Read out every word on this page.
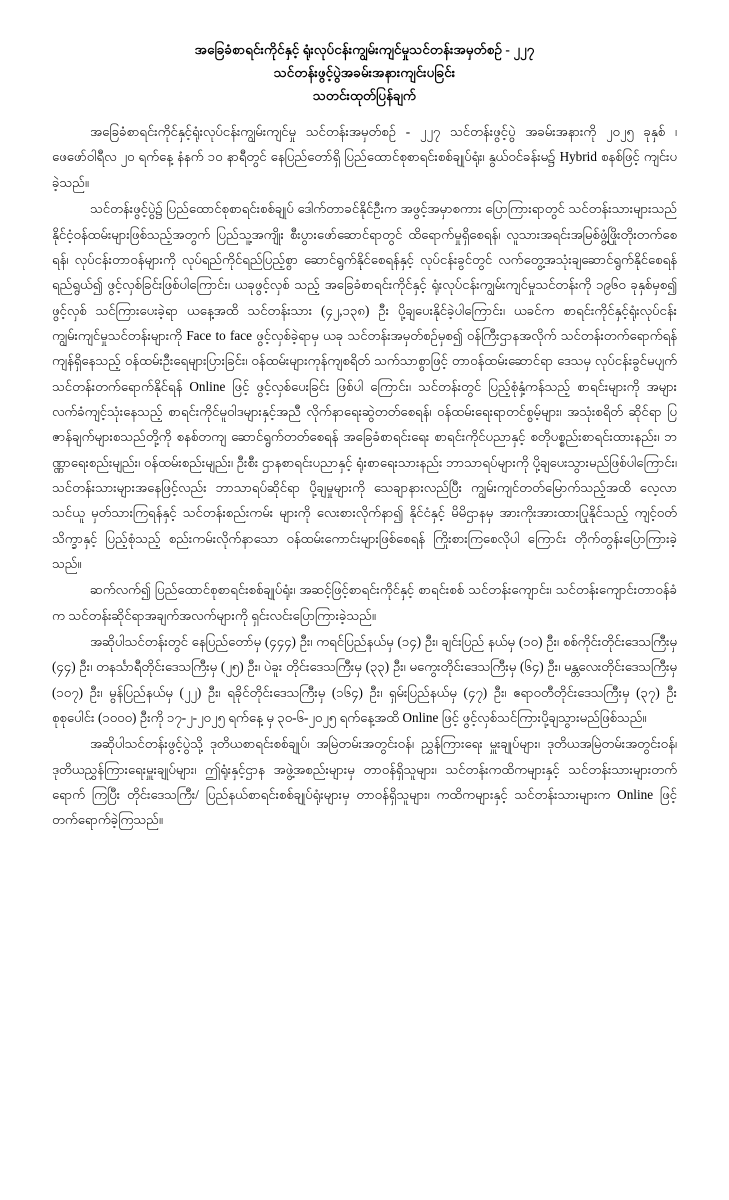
အခြေခံစာရင်းကိုင်နှင့် ရုံးလုပ်ငန်းကျွမ်းကျင်မှုသင်တန်းအမှတ်စဉ် - ၂၂၇
သင်တန်းဖွင့်ပွဲအခမ်းအနားကျင်းပခြင်း
သတင်းထုတ်ပြန်ချက်

အခြေခံစာရင်းကိုင်နှင့်ရုံးလုပ်ငန်းကျွမ်းကျင်မှု သင်တန်းအမှတ်စဉ် - ၂၂၇ သင်တန်းဖွင့်ပွဲ အခမ်းအနားကို ၂၀၂၅ ခုနှစ် ၊ ဖေဖော်ဝါရီလ ၂၀ ရက်နေ့ နံနက် ၁၀ နာရီတွင် နေပြည်တော်ရှိ ပြည်ထောင်စုစာရင်းစစ်ချုပ်ရုံး၊ နွယ်ဝင်ခန်းမ၌ Hybrid စနစ်ဖြင့် ကျင်းပခဲ့သည်။

သင်တန်းဖွင့်ပွဲ၌ ပြည်ထောင်စုစာရင်းစစ်ချုပ် ဒေါက်တာခင်နိုင်ဦးက အဖွင့်အမှာစကား ပြောကြားရာတွင် သင်တန်းသားများသည် နိုင်ငံ့ဝန်ထမ်းများဖြစ်သည့်အတွက် ပြည်သူ့အကျိုး စီးပွားဖော်ဆောင်ရာတွင် ထိရောက်မှုရှိစေရန်၊ လူသားအရင်းအမြစ်ဖွံ့ဖြိုးတိုးတက်စေရန်၊ လုပ်ငန်းတာဝန်များကို လုပ်ရည်ကိုင်ရည်ပြည့်စွာ ဆောင်ရွက်နိုင်စေရန်နှင့် လုပ်ငန်းခွင်တွင် လက်တွေ့အသုံးချဆောင်ရွက်နိုင်စေရန် ရည်ရွယ်၍ ဖွင့်လှစ်ခြင်းဖြစ်ပါကြောင်း၊ ယခုဖွင့်လှစ် သည့် အခြေခံစာရင်းကိုင်နှင့် ရုံးလုပ်ငန်းကျွမ်းကျင်မှုသင်တန်းကို ၁၉၆၀ ခုနှစ်မှစ၍ ဖွင့်လှစ် သင်ကြားပေးခဲ့ရာ ယနေ့အထိ သင်တန်းသား (၄၂,၁၃၈) ဦး ပို့ချပေးနိုင်ခဲ့ပါကြောင်း၊ ယခင်က စာရင်းကိုင်နှင့်ရုံးလုပ်ငန်းကျွမ်းကျင်မှုသင်တန်းများကို Face to face ဖွင့်လှစ်ခဲ့ရာမှ ယခု သင်တန်းအမှတ်စဉ်မှစ၍ ဝန်ကြီးဌာနအလိုက် သင်တန်းတက်ရောက်ရန် ကျန်ရှိနေသည့် ဝန်ထမ်းဦးရေများပြားခြင်း၊ ဝန်ထမ်းများကုန်ကျစရိတ် သက်သာစွာဖြင့် တာဝန်ထမ်းဆောင်ရာ ဒေသမှ လုပ်ငန်းခွင်မပျက် သင်တန်းတက်ရောက်နိုင်ရန် Online ဖြင့် ဖွင့်လှစ်ပေးခြင်း ဖြစ်ပါ ကြောင်း၊ သင်တန်းတွင် ပြည့်စုံနှံ့ကန်သည့် စာရင်းများကို အများလက်ခံကျင့်သုံးနေသည့် စာရင်းကိုင်မူဝါဒများနှင့်အညီ လိုက်နာရေးဆွဲတတ်စေရန်၊ ဝန်ထမ်းရေးရာတင်စွမ့်များ၊ အသုံးစရိတ် ဆိုင်ရာ ပြဇာန်ချက်များစသည်တို့ကို စနစ်တကျ ဆောင်ရွက်တတ်စေရန် အခြေခံစာရင်းရေး စာရင်းကိုင်ပညာနှင့် စတိုပစ္စည်းစာရင်းထားနည်း၊ ဘဏ္ဏာရေးစည်းမျည်း၊ ဝန်ထမ်းစည်းမျည်း၊ ဦးစီး ဌာနစာရင်းပညာနှင့် ရုံးစာရေးသားနည်း ဘာသာရပ်များကို ပို့ချပေးသွားမည်ဖြစ်ပါကြောင်း၊ သင်တန်းသားများအနေဖြင့်လည်း ဘာသာရပ်ဆိုင်ရာ ပို့ချမှုများကို သေချာနားလည်ပြီး ကျွမ်းကျင်တတ်မြောက်သည့်အထိ လေ့လာသင်ယူ မှတ်သားကြရန်နှင့် သင်တန်းစည်းကမ်း များကို လေးစားလိုက်နာ၍ နိုင်ငံနှင့် မိမိဌာနမှ အားကိုးအားထားပြုနိုင်သည့် ကျင့်ဝတ်သိက္ခာနှင့် ပြည့်စုံသည့် စည်းကမ်းလိုက်နာသော ဝန်ထမ်းကောင်းများဖြစ်စေရန် ကြိုးစားကြစေလိုပါ ကြောင်း တိုက်တွန်းပြောကြားခဲ့သည်။

ဆက်လက်၍ ပြည်ထောင်စုစာရင်းစစ်ချုပ်ရုံး၊ အဆင့်ဖြင့်စာရင်းကိုင်နှင့် စာရင်းစစ် သင်တန်းကျောင်း၊ သင်တန်းကျောင်းတာဝန်ခံက သင်တန်းဆိုင်ရာအချက်အလက်များကို ရှင်းလင်းပြောကြားခဲ့သည်။

အဆိုပါသင်တန်းတွင် နေပြည်တော်မှ (၄၄၄) ဦး၊ ကရင်ပြည်နယ်မှ (၁၄) ဦး၊ ချင်းပြည် နယ်မှ (၁၀) ဦး၊ စစ်ကိုင်းတိုင်းဒေသကြီးမှ (၄၄) ဦး၊ တနင်္သာရီတိုင်းဒေသကြီးမှ (၂၅) ဦး၊ ပဲခူး တိုင်းဒေသကြီးမှ (၃၃) ဦး၊ မကွေးတိုင်းဒေသကြီးမှ (၆၄) ဦး၊ မန္တလေးတိုင်းဒေသကြီးမှ (၁၀၇) ဦး၊ မွန်ပြည်နယ်မှ (၂၂) ဦး၊ ရခိုင်တိုင်းဒေသကြီးမှ (၁၆၄) ဦး၊ ရှမ်းပြည်နယ်မှ (၄၇) ဦး၊ ဧရာဝတီတိုင်းဒေသကြီးမှ (၃၇) ဦး စုစုပေါင်း (၁၀၀၀) ဦးကို ၁၇-၂-၂၀၂၅ ရက်နေ့ မှ ၃၀-၆-၂၀၂၅ ရက်နေ့အထိ Online ဖြင့် ဖွင့်လှစ်သင်ကြားပို့ချသွားမည်ဖြစ်သည်။

အဆိုပါသင်တန်းဖွင့်ပွဲသို့ ဒုတိယစာရင်းစစ်ချုပ်၊ အမြဲတမ်းအတွင်းဝန်၊ ညွှန်ကြားရေး မှူးချုပ်များ၊ ဒုတိယအမြဲတမ်းအတွင်းဝန်၊ ဒုတိယညွှန်ကြားရေးမှူးချုပ်များ၊ ဤရုံးနှင့်ဌာန အဖွဲ့အစည်းများမှ တာဝန်ရှိသူများ၊ သင်တန်းကထိကများနှင့် သင်တန်းသားများတက်ရောက် ကြပြီး တိုင်းဒေသကြီး/ ပြည်နယ်စာရင်းစစ်ချုပ်ရုံးများမှ တာဝန်ရှိသူများ၊ ကထိကများနှင့် သင်တန်းသားများက Online ဖြင့် တက်ရောက်ခဲ့ကြသည်။
